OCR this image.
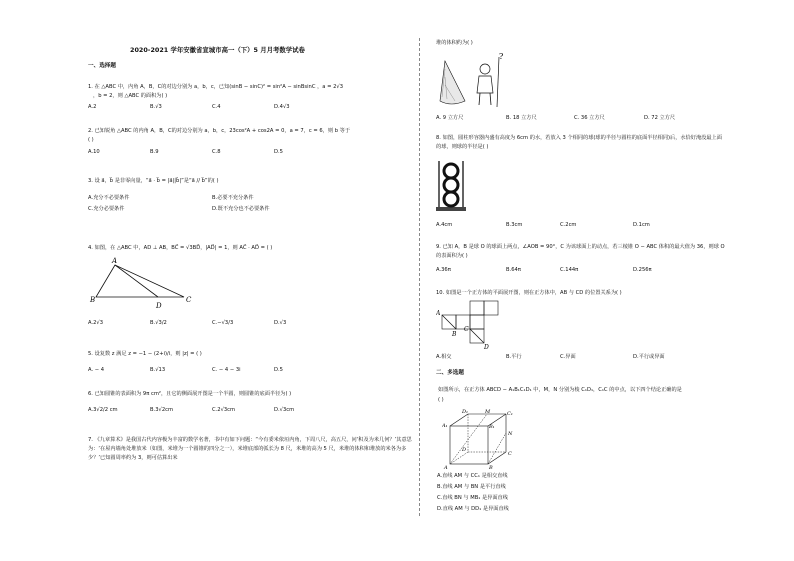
2020-2021 学年安徽省宣城市高一（下）5 月月考数学试卷
一、选择题
1. 在 △ABC 中，内角 A，B，C的对边分别为 a，b，c，已知(sinB − sinC)² = sin²A − sinBsinC ，a = 2√3
，b = 2，则 △ABC 的面积为( )
A.2	B.√3	C.4	D.4√3
2. 已知锐角 △ABC 的内角 A，B，C的对边分别为 a，b，c，23cos²A + cos2A = 0，a = 7，c = 6，则 b 等于
( )
A.10	B.9	C.8	D.5
3. 设 a⃗，b⃗ 是非零向量，“a⃗ · b⃗ = |a⃗||b⃗|”是“a⃗ // b⃗”的( )
A.充分不必要条件	B.必要不充分条件
C.充分必要条件	D.既不充分也不必要条件
4. 如图，在 △ABC 中，AD ⊥ AB，BC⃗ = √3BD⃗，|AD⃗| = 1，则 AC⃗ · AD⃗ = ( )
A
B
D
C
A.2√3	B.√3/2	C.−√3/3	D.√3
5. 设复数 z 满足 z = −1 − (2+i)/i，则 |z| = ( )
A. − 4	B.√13	C. − 4 − 3i	D.5
6. 已知圆锥的表面积为 9π cm²，且它的侧面展开图是一个半圆，则圆锥的底面半径为( )
A.3√2/2 cm	B.3√2cm	C.2√3cm	D.√3cm
7. 《九章算术》是我国古代内容极为丰富的数学名著，书中有如下问题：“今有委米依垣内角，下周八尺，高五尺，问‘积及为米几何？’其意思为：‘在屋内墙角处堆放米（如图，米堆为一个圆锥的四分之一），米堆底部的弧长为 8 尺，米堆的高为 5 尺，米堆的体积和堆放的米各为多少？’已知圆周率约为 3，则可估算出米
堆的体积约为( )
?
A. 9 立方尺	B. 18 立方尺	C. 36 立方尺	D. 72 立方尺
8. 如图，圆柱形容器内盛有高度为 6cm 的水，若放入 3 个相同的球(球的半径与圆柱的底面半径相同)后，水恰好淹没最上面的球，则球的半径是( )
A.4cm	B.3cm	C.2cm	D.1cm
9. 已知 A，B 是球 O 的球面上两点，∠AOB = 90°，C 为该球面上的动点，若三棱锥 O − ABC 体积的最大值为 36，则球 O 的表面积为( )
A.36π	B.64π	C.144π	D.256π
10. 如图是一个正方体的平面展开图，则在正方体中，AB 与 CD 的位置关系为( )
A
B
C
D
A.相交	B.平行	C.异面	D.平行或异面
二、多选题
如图所示，在正方体 ABCD − A₁B₁C₁D₁ 中，M，N 分别为棱 C₁D₁，C₁C 的中点，以下四个结论正确的是
( )
D₁	C₁
A₁	B₁
M
N
D
C
A	B
A.直线 AM 与 CC₁ 是相交直线
B.直线 AM 与 BN 是平行直线
C.直线 BN 与 MB₁ 是异面直线
D.直线 AM 与 DD₁ 是异面直线
